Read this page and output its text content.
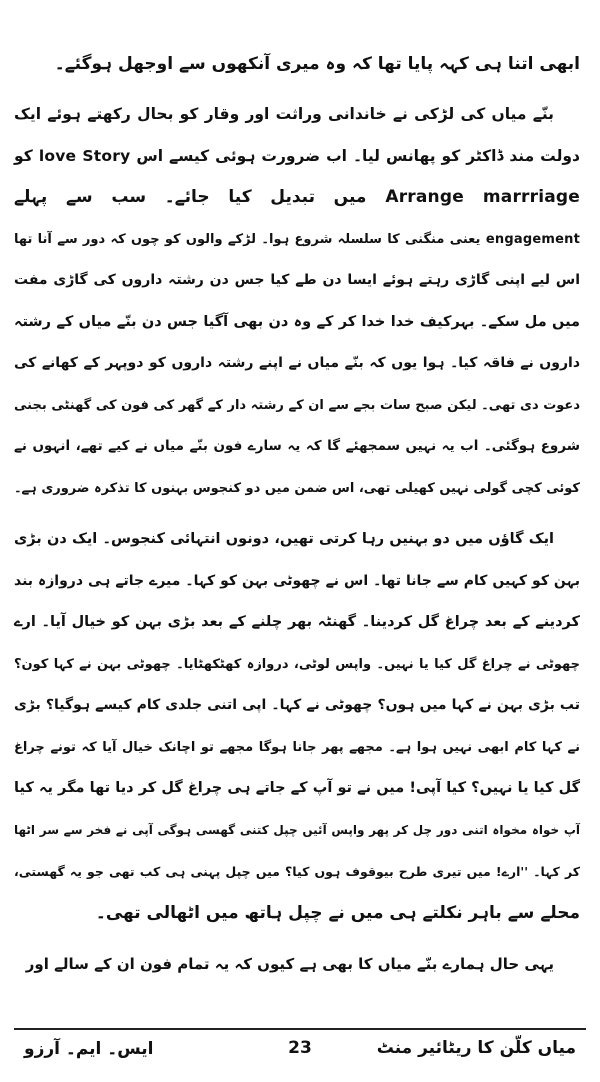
ابھی اتنا ہی کہہ پایا تھا کہ وہ میری آنکھوں سے اوجھل ہوگئے۔
بنّے میاں کی لڑکی نے خاندانی وراثت اور وقار کو بحال رکھتے ہوئے ایک
دولت مند ڈاکٹر کو پھانس لیا۔ اب ضرورت ہوئی کیسے اس love Story کو
Arrange marrriage میں تبدیل کیا جائے۔ سب سے پہلے
engagement یعنی منگنی کا سلسلہ شروع ہوا۔ لڑکے والوں کو چوں کہ دور سے آنا تھا
اس لیے اپنی گاڑی رہتے ہوئے ایسا دن طے کیا جس دن رشتہ داروں کی گاڑی مفت
میں مل سکے۔ بہرکیف خدا خدا کر کے وہ دن بھی آگیا جس دن بنّے میاں کے رشتہ
داروں نے فاقہ کیا۔ ہوا یوں کہ بنّے میاں نے اپنے رشتہ داروں کو دوپہر کے کھانے کی
دعوت دی تھی۔ لیکن صبح سات بجے سے ان کے رشتہ دار کے گھر کی فون کی گھنٹی بجنی
شروع ہوگئی۔ اب یہ نہیں سمجھئے گا کہ یہ سارے فون بنّے میاں نے کیے تھے، انہوں نے
کوئی کچی گولی نہیں کھیلی تھی، اس ضمن میں دو کنجوس بہنوں کا تذکرہ ضروری ہے۔
ایک گاؤں میں دو بہنیں رہا کرتی تھیں، دونوں انتہائی کنجوس۔ ایک دن بڑی
بہن کو کہیں کام سے جانا تھا۔ اس نے چھوٹی بہن کو کہا۔ میرے جاتے ہی دروازہ بند
کردینے کے بعد چراغ گل کردینا۔ گھنٹہ بھر چلنے کے بعد بڑی بہن کو خیال آیا۔ ارے
چھوٹی نے چراغ گل کیا یا نہیں۔ واپس لوٹی، دروازہ کھٹکھٹایا۔ چھوٹی بہن نے کہا کون؟
تب بڑی بہن نے کہا میں ہوں؟ چھوٹی نے کہا۔ اپی اتنی جلدی کام کیسے ہوگیا؟ بڑی
نے کہا کام ابھی نہیں ہوا ہے۔ مجھے پھر جانا ہوگا مجھے تو اچانک خیال آیا کہ تونے چراغ
گل کیا یا نہیں؟ کیا آپی! میں نے تو آپ کے جاتے ہی چراغ گل کر دیا تھا مگر یہ کیا
آپ خواہ مخواہ اتنی دور چل کر پھر واپس آئیں چپل کتنی گھسی ہوگی آپی نے فخر سے سر اٹھا
کر کہا۔ ''ارے! میں تیری طرح بیوقوف ہوں کیا؟ میں چپل پہنی ہی کب تھی جو یہ گھستی،
محلے سے باہر نکلتے ہی میں نے چپل ہاتھ میں اٹھالی تھی۔
یہی حال ہمارے بنّے میاں کا بھی ہے کیوں کہ یہ تمام فون ان کے سالے اور
میاں کلّن کا ریٹائیر منٹ
23
ایس۔ ایم۔ آرزو
